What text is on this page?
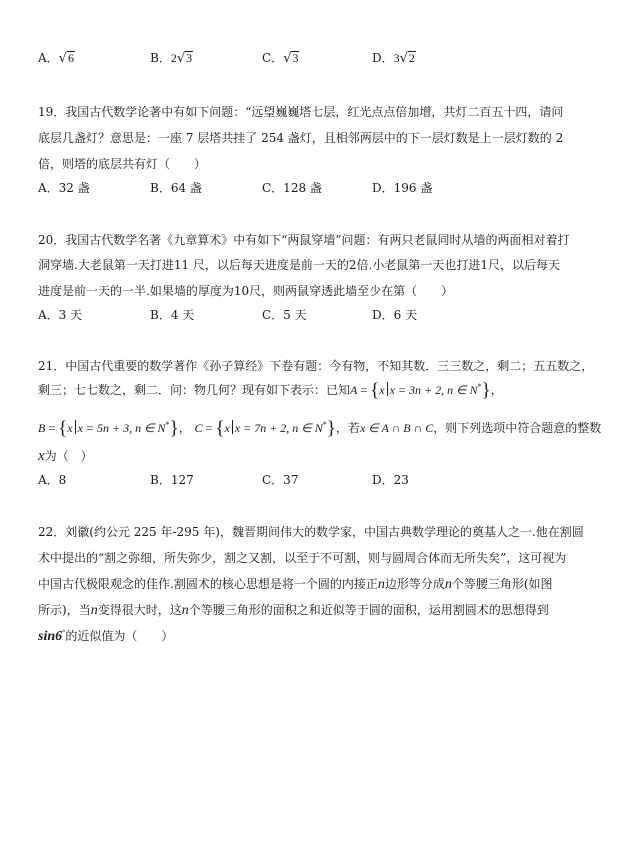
A．√6	B．2√3	C．√3	D．3√2
19．我国古代数学论著中有如下问题：“远望巍巍塔七层，红光点点倍加增，共灯二百五十四，请问
底层几盏灯？意思是：一座 7 层塔共挂了 254 盏灯，且相邻两层中的下一层灯数是上一层灯数的 2
倍，则塔的底层共有灯（　　）
A．32 盏	B．64 盏	C．128 盏	D．196 盏
20．我国古代数学名著《九章算术》中有如下“两鼠穿墙”问题：有两只老鼠同时从墙的两面相对着打
洞穿墙.大老鼠第一天打进11 尺，以后每天进度是前一天的2倍.小老鼠第一天也打进1尺，以后每天
进度是前一天的一半.如果墙的厚度为10尺，则两鼠穿透此墙至少在第（　　）
A．3 天	B．4 天	C．5 天	D．6 天
21．中国古代重要的数学著作《孙子算经》下卷有题：今有物，不知其数．三三数之，剩二；五五数之，
剩三；七七数之，剩二．问：物几何？现有如下表示：已知A = {x x = 3n + 2, n ∈ N*}，
B = {x x = 5n + 3, n ∈ N*}， C = {x x = 7n + 2, n ∈ N*}，若x ∈ A ∩ B ∩ C，则下列选项中符合题意的整数
x为（　）
A．8	B．127	C．37	D．23
22．刘徽(约公元 225 年-295 年)，魏晋期间伟大的数学家，中国古典数学理论的奠基人之一.他在割圆
术中提出的“割之弥细，所失弥少，割之又割，以至于不可割，则与圆周合体而无所失矣”，这可视为
中国古代极限观念的佳作.割圆术的核心思想是将一个圆的内接正n边形等分成n个等腰三角形(如图
所示)，当n变得很大时，这n个等腰三角形的面积之和近似等于圆的面积，运用割圆术的思想得到
sin6°的近似值为（　　）
